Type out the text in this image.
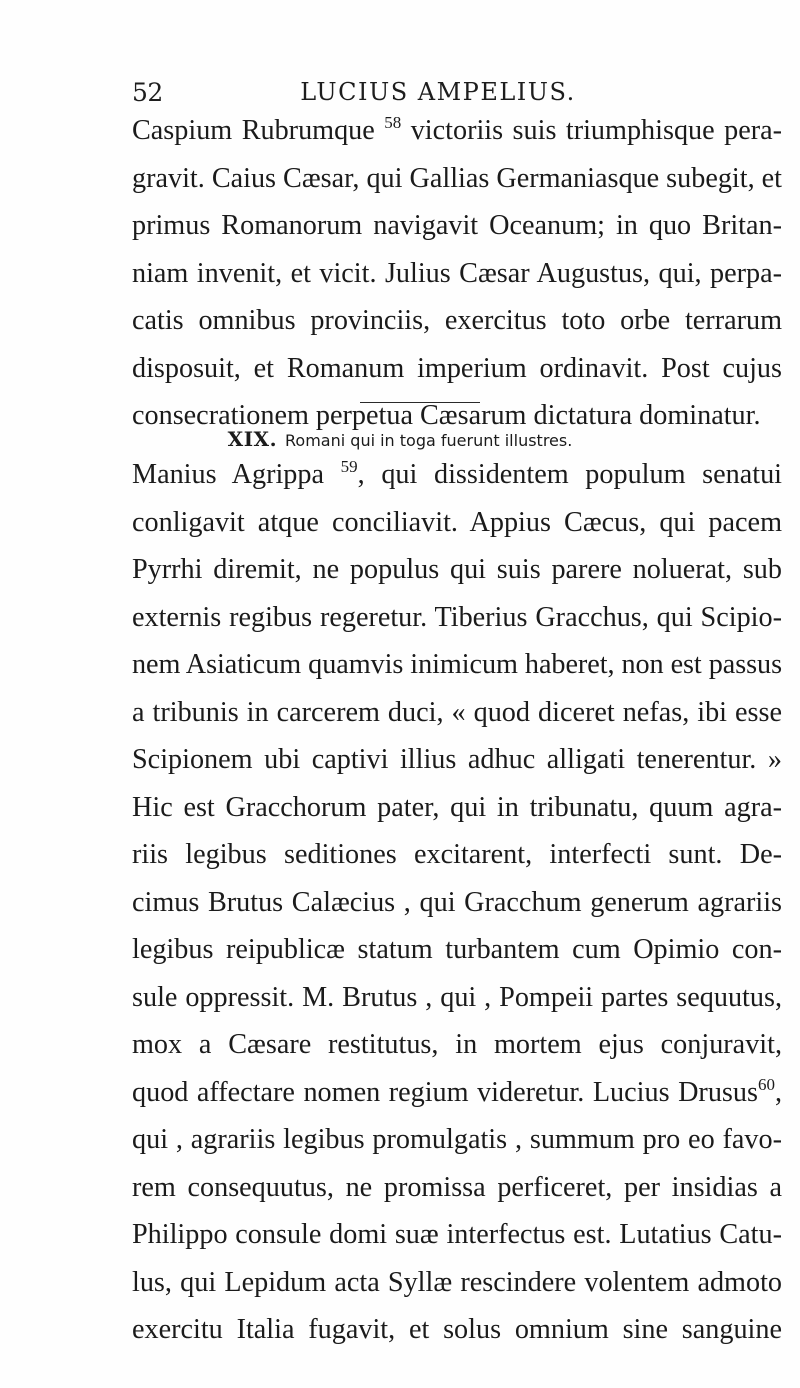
52	LUCIUS AMPELIUS.
Caspium Rubrumque $^{58}$ victoriis suis triumphisque pera-
gravit. Caius Cæsar, qui Gallias Germaniasque subegit, et
primus Romanorum navigavit Oceanum; in quo Britan-
niam invenit, et vicit. Julius Cæsar Augustus, qui, perpa-
catis omnibus provinciis, exercitus toto orbe terrarum
disposuit, et Romanum imperium ordinavit. Post cujus
consecrationem perpetua Cæsarum dictatura dominatur.
XIX. Romani qui in toga fuerunt illustres.
Manius Agrippa $^{59}$, qui dissidentem populum senatui
conligavit atque conciliavit. Appius Cæcus, qui pacem
Pyrrhi diremit, ne populus qui suis parere noluerat, sub
externis regibus regeretur. Tiberius Gracchus, qui Scipio-
nem Asiaticum quamvis inimicum haberet, non est passus
a tribunis in carcerem duci, « quod diceret nefas, ibi esse
Scipionem ubi captivi illius adhuc alligati tenerentur. »
Hic est Gracchorum pater, qui in tribunatu, quum agra-
riis legibus seditiones excitarent, interfecti sunt. De-
cimus Brutus Calæcius , qui Gracchum generum agrariis
legibus reipublicæ statum turbantem cum Opimio con-
sule oppressit. M. Brutus , qui , Pompeii partes sequutus,
mox a Cæsare restitutus, in mortem ejus conjuravit,
quod affectare nomen regium videretur. Lucius Drusus$^{60}$,
qui , agrariis legibus promulgatis , summum pro eo favo-
rem consequutus, ne promissa perficeret, per insidias a
Philippo consule domi suæ interfectus est. Lutatius Catu-
lus, qui Lepidum acta Syllæ rescindere volentem admoto
exercitu Italia fugavit, et solus omnium sine sanguine
